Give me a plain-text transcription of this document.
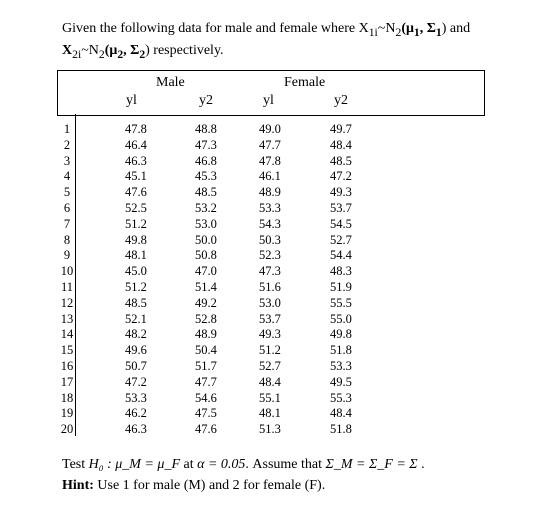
Given the following data for male and female where $X_{1i}\sim N_2(\mu_1$, $\Sigma_1$) and
$X_{2i}\sim N_2(\mu_2$, $\Sigma_2$) respectively.
Male	Female
yl	y2	yl	y2
1	47.8	48.8	49.0	49.7
2	46.4	47.3	47.7	48.4
3	46.3	46.8	47.8	48.5
4	45.1	45.3	46.1	47.2
5	47.6	48.5	48.9	49.3
6	52.5	53.2	53.3	53.7
7	51.2	53.0	54.3	54.5
8	49.8	50.0	50.3	52.7
9	48.1	50.8	52.3	54.4
10	45.0	47.0	47.3	48.3
11	51.2	51.4	51.6	51.9
12	48.5	49.2	53.0	55.5
13	52.1	52.8	53.7	55.0
14	48.2	48.9	49.3	49.8
15	49.6	50.4	51.2	51.8
16	50.7	51.7	52.7	53.3
17	47.2	47.7	48.4	49.5
18	53.3	54.6	55.1	55.3
19	46.2	47.5	48.1	48.4
20	46.3	47.6	51.3	51.8
Test H₀ : μ_M = μ_F at α = 0.05. Assume that Σ_M = Σ_F = Σ .
Hint: Use 1 for male (M) and 2 for female (F).
